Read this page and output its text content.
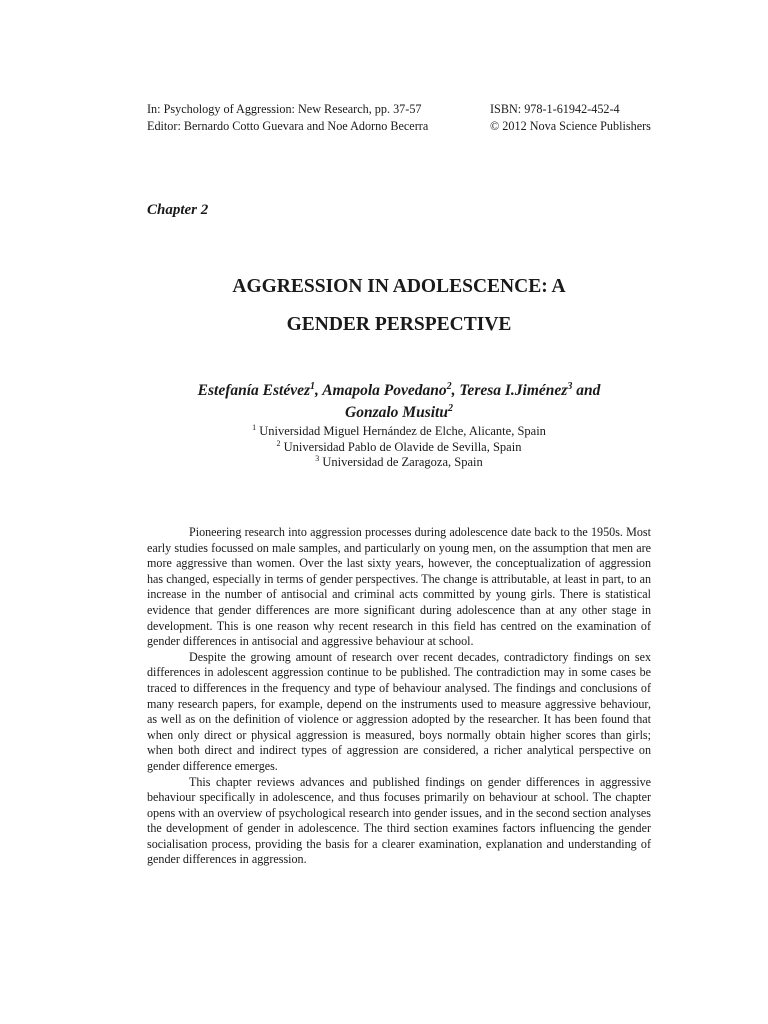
In: Psychology of Aggression: New Research, pp. 37-57
Editor: Bernardo Cotto Guevara and Noe Adorno Becerra
ISBN: 978-1-61942-452-4
© 2012 Nova Science Publishers
Chapter 2
AGGRESSION IN ADOLESCENCE: A
GENDER PERSPECTIVE
Estefanía Estévez$^1$, Amapola Povedano$^2$, Teresa I.Jiménez$^3$ and
Gonzalo Musitu$^2$
$^1$ Universidad Miguel Hernández de Elche, Alicante, Spain
$^2$ Universidad Pablo de Olavide de Sevilla, Spain
$^3$ Universidad de Zaragoza, Spain

Pioneering research into aggression processes during adolescence date back to the 1950s. Most early studies focussed on male samples, and particularly on young men, on the assumption that men are more aggressive than women. Over the last sixty years, however, the conceptualization of aggression has changed, especially in terms of gender perspectives. The change is attributable, at least in part, to an increase in the number of antisocial and criminal acts committed by young girls. There is statistical evidence that gender differences are more significant during adolescence than at any other stage in development. This is one reason why recent research in this field has centred on the examination of gender differences in antisocial and aggressive behaviour at school.

Despite the growing amount of research over recent decades, contradictory findings on sex differences in adolescent aggression continue to be published. The contradiction may in some cases be traced to differences in the frequency and type of behaviour analysed. The findings and conclusions of many research papers, for example, depend on the instruments used to measure aggressive behaviour, as well as on the definition of violence or aggression adopted by the researcher. It has been found that when only direct or physical aggression is measured, boys normally obtain higher scores than girls; when both direct and indirect types of aggression are considered, a richer analytical perspective on gender difference emerges.

This chapter reviews advances and published findings on gender differences in aggressive behaviour specifically in adolescence, and thus focuses primarily on behaviour at school. The chapter opens with an overview of psychological research into gender issues, and in the second section analyses the development of gender in adolescence. The third section examines factors influencing the gender socialisation process, providing the basis for a clearer examination, explanation and understanding of gender differences in aggression.
